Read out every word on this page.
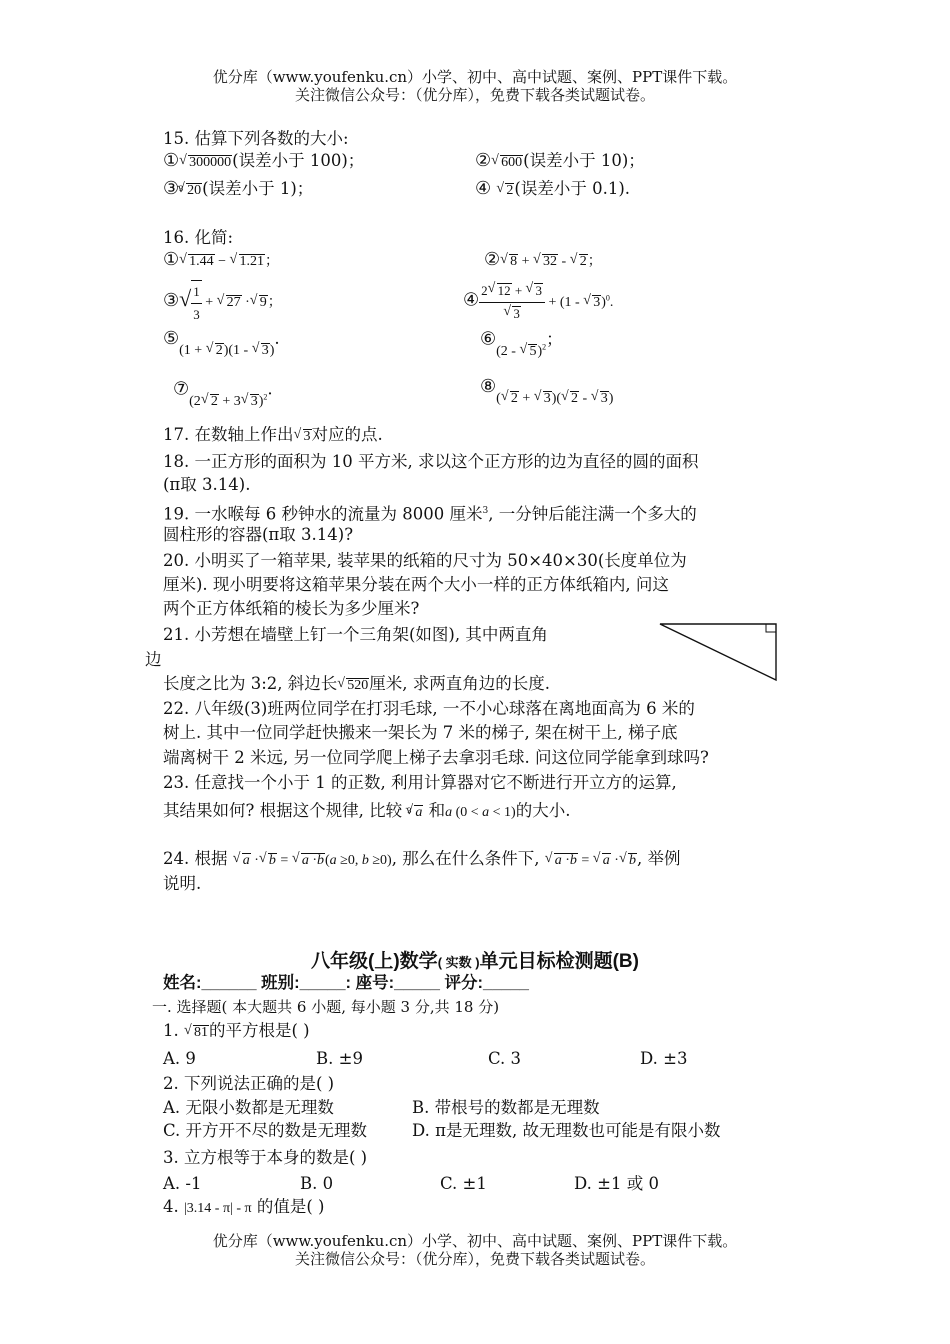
优分库（www.youfenku.cn）小学、初中、高中试题、案例、PPT课件下载。
关注微信公众号：（优分库），免费下载各类试题试卷。
15. 估算下列各数的大小:
① √ 300000(误差小于 100)；	② √ 600(误差小于 10)；
③$^3$ √ 20(误差小于 1)；	④ √ 2(误差小于 0.1).
16. 化简:
① √ 1.44 − √ 1.21；	② √ 8 + √ 32 - √ 2；
③√ $\frac{1}{3}$ + √ 27 · √ 9；	④ 2 √ 12 + √ 3
√ 3 + (1 - √ 3)$^0$.
$⑤_{(1 + √ 2)(1 - √ 3)}$.	$⑥_{(2 - √ 5)^2}$；
$⑦_{(2 √ 2 + 3 √ 3)^2}$.	$⑧_{( √ 2 + √ 3)( √ 2 - √ 3)}$
17. 在数轴上作出 √ 3对应的点.
18. 一正方形的面积为 10 平方米, 求以这个正方形的边为直径的圆的面积
(π取 3.14).
19. 一水喉每 6 秒钟水的流量为 8000 厘米$^3$, 一分钟后能注满一个多大的
圆柱形的容器(π取 3.14)?
20. 小明买了一箱苹果, 装苹果的纸箱的尺寸为 50×40×30(长度单位为
厘米). 现小明要将这箱苹果分装在两个大小一样的正方体纸箱内, 问这
两个正方体纸箱的棱长为多少厘米?
21. 小芳想在墙壁上钉一个三角架(如图), 其中两直角
边
长度之比为 3:2, 斜边长 √ 520厘米, 求两直角边的长度.
22. 八年级(3)班两位同学在打羽毛球, 一不小心球落在离地面高为 6 米的
树上. 其中一位同学赶快搬来一架长为 7 米的梯子, 架在树干上, 梯子底
端离树干 2 米远, 另一位同学爬上梯子去拿羽毛球. 问这位同学能拿到球吗?
23. 任意找一个小于 1 的正数, 利用计算器对它不断进行开立方的运算,
其结果如何? 根据这个规律, 比较 $^3$ √ a 和a (0 < a < 1)的大小.
24. 根据 √ a · √ b = √ a ·b(a ≥0, b ≥0), 那么在什么条件下, √ a ·b = √ a · √ b, 举例
说明.
八年级(上)数学( 实数 )单元目标检测题(B)
姓名:______ 班别:_____: 座号:_____ 评分:_____
一. 选择题( 本大题共 6 小题, 每小题 3 分,共 18 分)
1. √ 81的平方根是( )
A. 9	B. ±9	C. 3	D. ±3
2. 下列说法正确的是( )
A. 无限小数都是无理数	B. 带根号的数都是无理数
C. 开方开不尽的数是无理数	D. π是无理数, 故无理数也可能是有限小数
3. 立方根等于本身的数是( )
A. -1	B. 0	C. ±1	D. ±1 或 0
4. |3.14 - π| - π 的值是( )
优分库（www.youfenku.cn）小学、初中、高中试题、案例、PPT课件下载。
关注微信公众号：（优分库），免费下载各类试题试卷。
